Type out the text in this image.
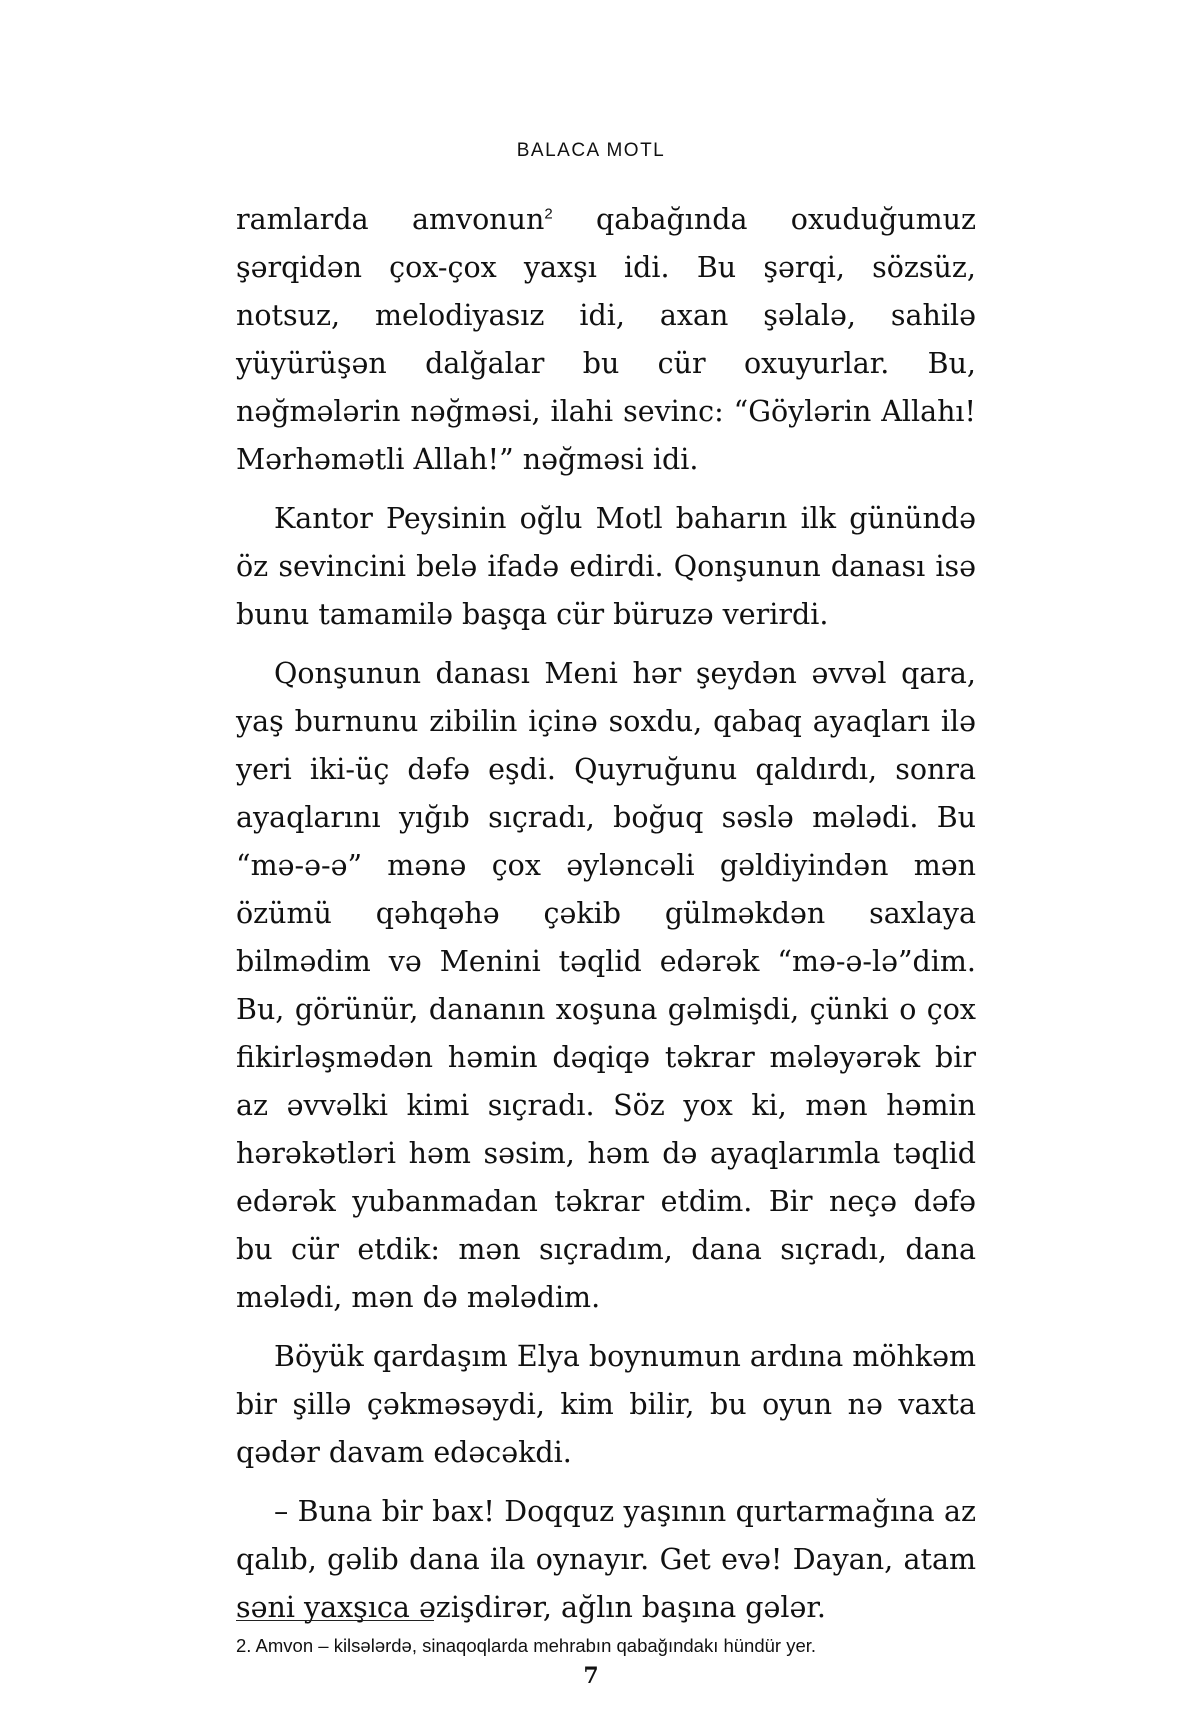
BALACA MOTL

ramlarda amvonun$^2$ qabağında oxuduğumuz şərqidən çox-çox yaxşı idi. Bu şərqi, sözsüz, notsuz, melodiyasız idi, axan şəlalə, sahilə yüyürüşən dalğalar bu cür oxuyurlar. Bu, nəğmələrin nəğməsi, ilahi sevinc: “Göylərin Allahı! Mərhəmətli Allah!” nəğməsi idi.

Kantor Peysinin oğlu Motl baharın ilk günündə öz sevincini belə ifadə edirdi. Qonşunun danası isə bunu tamamilə başqa cür büruzə verirdi.

Qonşunun danası Meni hər şeydən əvvəl qara, yaş burnunu zibilin içinə soxdu, qabaq ayaqları ilə yeri iki-üç dəfə eşdi. Quyruğunu qaldırdı, sonra ayaqlarını yığıb sıçradı, boğuq səslə mələdi. Bu “mə-ə-ə” mənə çox əyləncəli gəldiyindən mən özümü qəhqəhə çəkib gülməkdən saxlaya bilmədim və Menini təqlid edərək “mə-ə-lə”dim. Bu, görünür, dananın xoşuna gəlmişdi, çünki o çox fikirləşmədən həmin dəqiqə təkrar mələyərək bir az əvvəlki kimi sıçradı. Söz yox ki, mən həmin hərəkətləri həm səsim, həm də ayaqlarımla təqlid edərək yubanmadan təkrar etdim. Bir neçə dəfə bu cür etdik: mən sıçradım, dana sıçradı, dana mələdi, mən də mələdim.

Böyük qardaşım Elya boynumun ardına möhkəm bir şillə çəkməsəydi, kim bilir, bu oyun nə vaxta qədər davam edəcəkdi.

– Buna bir bax! Doqquz yaşının qurtarmağına az qalıb, gəlib dana ila oynayır. Get evə! Dayan, atam səni yaxşıca əzişdirər, ağlın başına gələr.

2. Amvon – kilsələrdə, sinaqoqlarda mehrabın qabağındakı hündür yer.
7
